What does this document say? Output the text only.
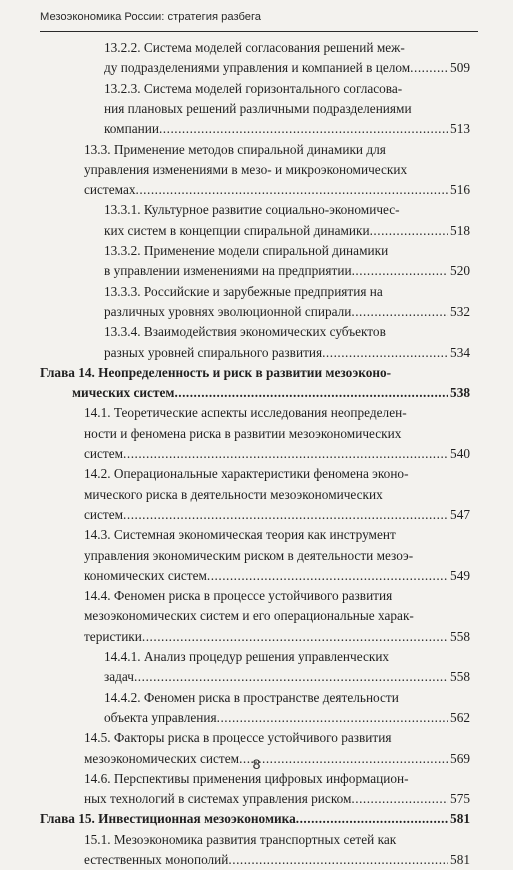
Мезоэкономика России: стратегия разбега
13.2.2. Система моделей согласования решений меж-
ду подразделениями управления и компанией в целом .....	509
13.2.3. Система моделей горизонтального согласова-
ния плановых решений различными подразделениями
компании .....	513
13.3. Применение методов спиральной динамики для
управления изменениями в мезо- и микроэкономических
системах .....	516
13.3.1. Культурное развитие социально-экономичес-
ких систем в концепции спиральной динамики .....	518
13.3.2. Применение модели спиральной динамики
в управлении изменениями на предприятии .....	520
13.3.3. Российские и зарубежные предприятия на
различных уровнях эволюционной спирали .....	532
13.3.4. Взаимодействия экономических субъектов
разных уровней спирального развития .....	534
Глава 14. Неопределенность и риск в развитии мезоэконо-
мических систем .....	538
14.1. Теоретические аспекты исследования неопределен-
ности и феномена риска в развитии мезоэкономических
систем .....	540
14.2. Операциональные характеристики феномена эконо-
мического риска в деятельности мезоэкономических
систем .....	547
14.3. Системная экономическая теория как инструмент
управления экономическим риском в деятельности мезоэ-
кономических систем .....	549
14.4. Феномен риска в процессе устойчивого развития
мезоэкономических систем и его операциональные харак-
теристики .....	558
14.4.1. Анализ процедур решения управленческих
задач .....	558
14.4.2. Феномен риска в пространстве деятельности
объекта управления .....	562
14.5. Факторы риска в процессе устойчивого развития
мезоэкономических систем .....	569
14.6. Перспективы применения цифровых информацион-
ных технологий в системах управления риском .....	575
Глава 15. Инвестиционная мезоэкономика .....	581
15.1. Мезоэкономика развития транспортных сетей как
естественных монополий .....	581
8
